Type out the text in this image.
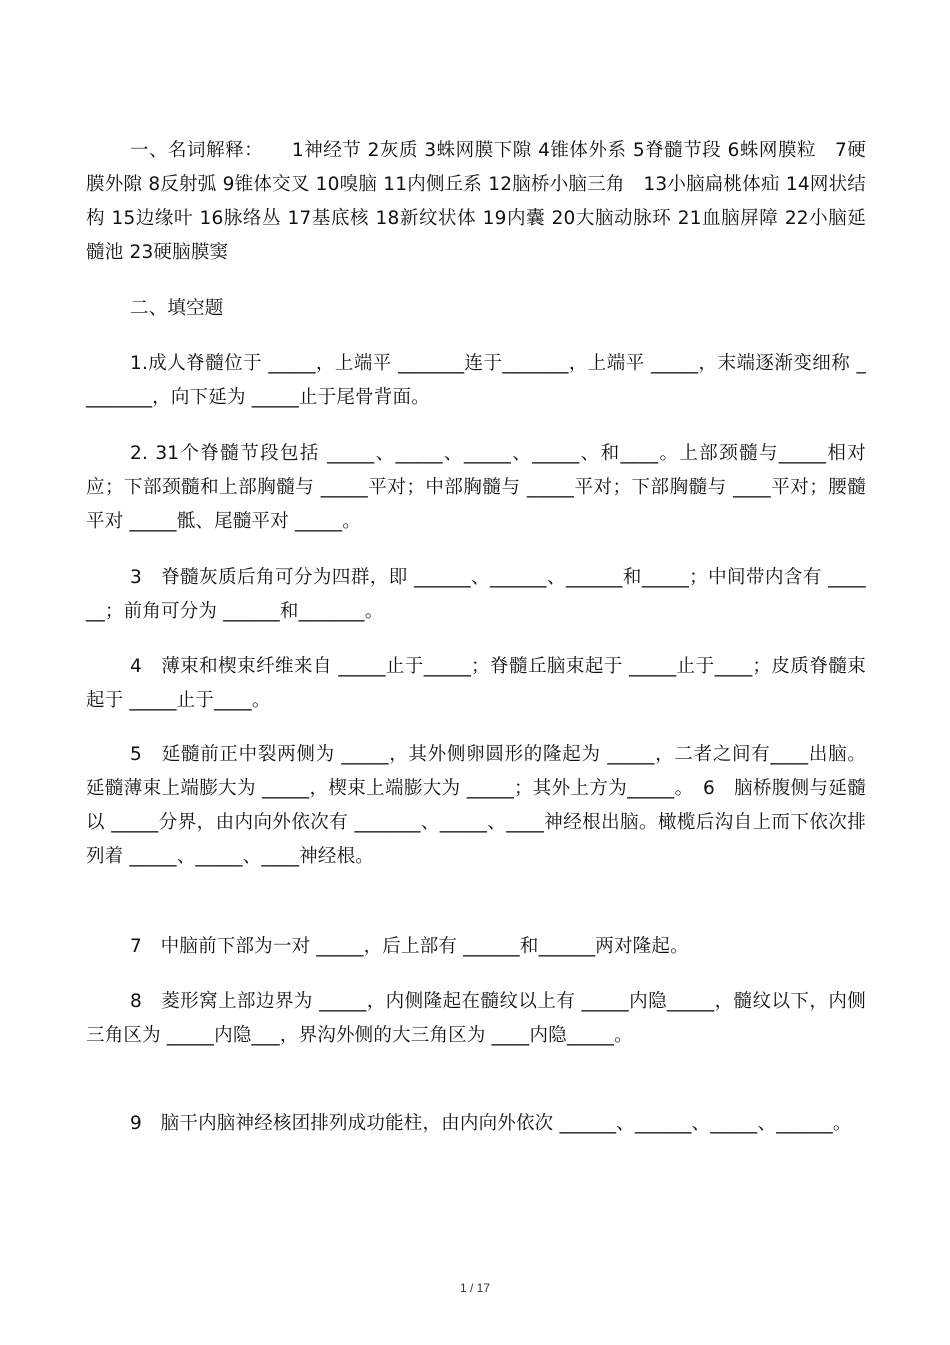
一、名词解释：　　1神经节 2灰质 3蛛网膜下隙 4锥体外系 5脊髓节段 6蛛网膜粒　7硬膜外隙 8反射弧 9锥体交叉 10嗅脑 11内侧丘系 12脑桥小脑三角　13小脑扁桃体疝 14网状结构 15边缘叶 16脉络丛 17基底核 18新纹状体 19内囊 20大脑动脉环 21血脑屏障 22小脑延髓池 23硬脑膜窦

二、填空题

1.成人脊髓位于 _____，上端平 _______连于_______，上端平 _____，末端逐渐变细称 ________，向下延为 _____止于尾骨背面。

2. 31个脊髓节段包括 _____、_____、_____、_____、和____。上部颈髓与_____相对应；下部颈髓和上部胸髓与 _____平对；中部胸髓与 _____平对；下部胸髓与 ____平对；腰髓平对 _____骶、尾髓平对 _____。

3　脊髓灰质后角可分为四群，即 ______、______、______和_____；中间带内含有 ______；前角可分为 ______和_______。

4　薄束和楔束纤维来自 _____止于_____；脊髓丘脑束起于 _____止于____；皮质脊髓束起于 _____止于____。

5　延髓前正中裂两侧为 _____，其外侧卵圆形的隆起为 _____，二者之间有____出脑。延髓薄束上端膨大为 _____，楔束上端膨大为 _____；其外上方为_____。　6　脑桥腹侧与延髓以 _____分界，由内向外依次有 _______、_____、____神经根出脑。橄榄后沟自上而下依次排列着 _____、_____、____神经根。

7　中脑前下部为一对 _____，后上部有 ______和______两对隆起。

8　菱形窝上部边界为 _____，内侧隆起在髓纹以上有 _____内隐_____，髓纹以下，内侧三角区为 _____内隐___，界沟外侧的大三角区为 ____内隐_____。

9　脑干内脑神经核团排列成功能柱，由内向外依次 ______、______、_____、______。

1 / 17
